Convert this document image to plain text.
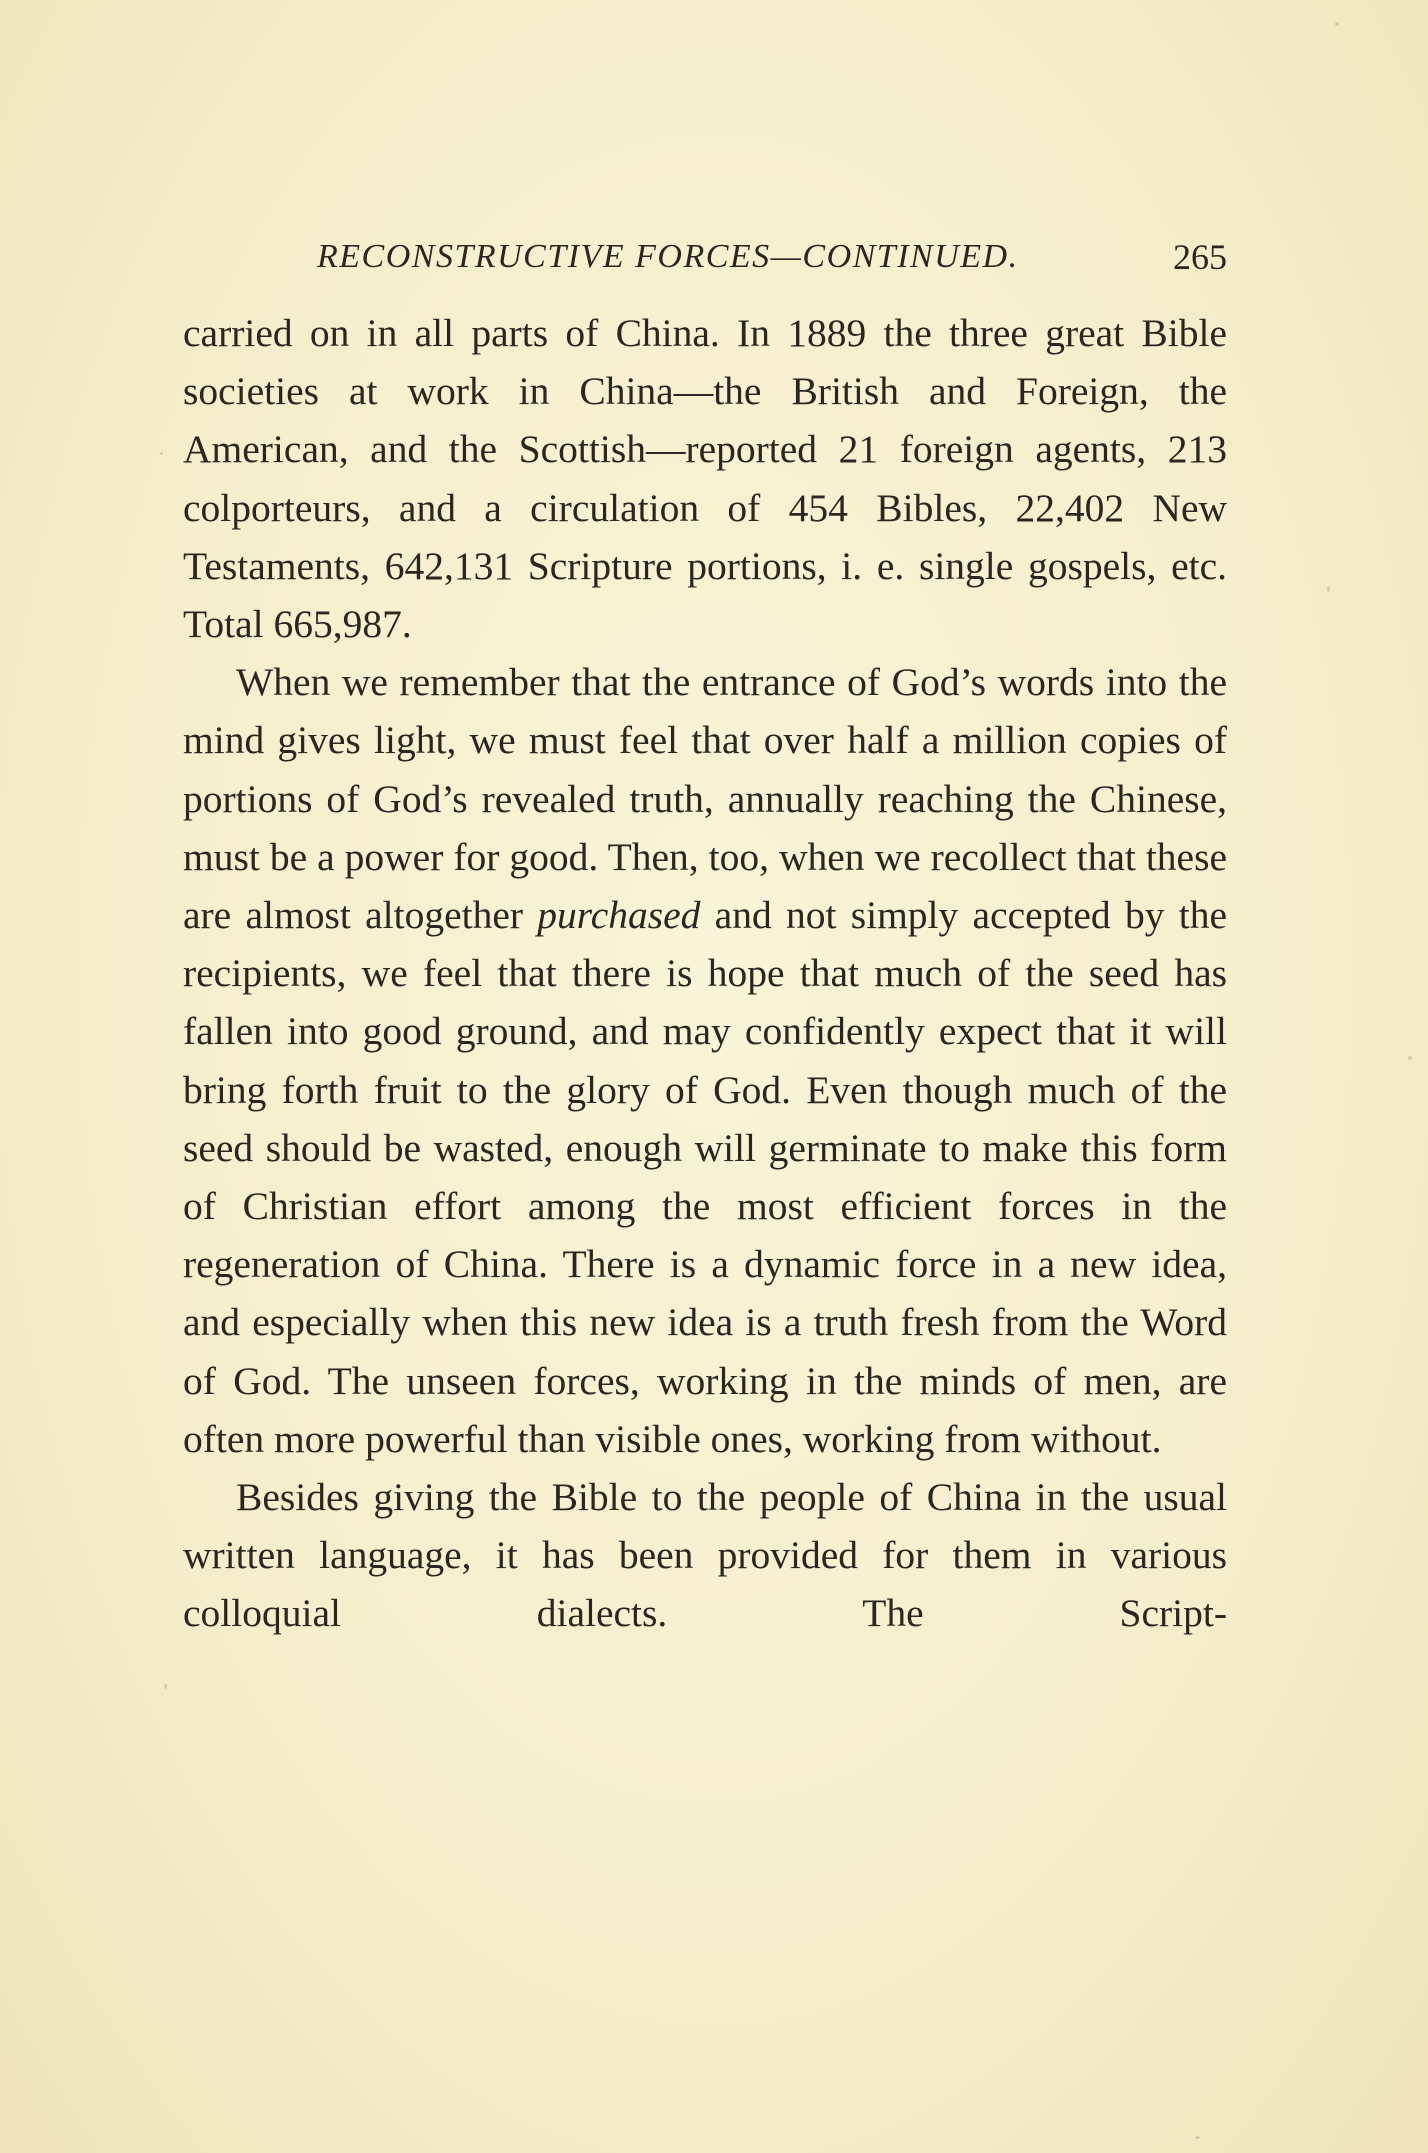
RECONSTRUCTIVE FORCES—CONTINUED.	265

carried on in all parts of China. In 1889 the three great Bible societies at work in China—the British and Foreign, the American, and the Scottish—reported 21 foreign agents, 213 colporteurs, and a circulation of 454 Bibles, 22,402 New Testaments, 642,131 Scripture portions, i. e. single gospels, etc. Total 665,987.

When we remember that the entrance of God’s words into the mind gives light, we must feel that over half a million copies of portions of God’s revealed truth, annually reaching the Chinese, must be a power for good. Then, too, when we recollect that these are almost altogether purchased and not simply accepted by the recipients, we feel that there is hope that much of the seed has fallen into good ground, and may confidently expect that it will bring forth fruit to the glory of God. Even though much of the seed should be wasted, enough will germinate to make this form of Christian effort among the most efficient forces in the regeneration of China. There is a dynamic force in a new idea, and especially when this new idea is a truth fresh from the Word of God. The unseen forces, working in the minds of men, are often more powerful than visible ones, working from without.

Besides giving the Bible to the people of China in the usual written language, it has been provided for them in various colloquial dialects. The Script-
